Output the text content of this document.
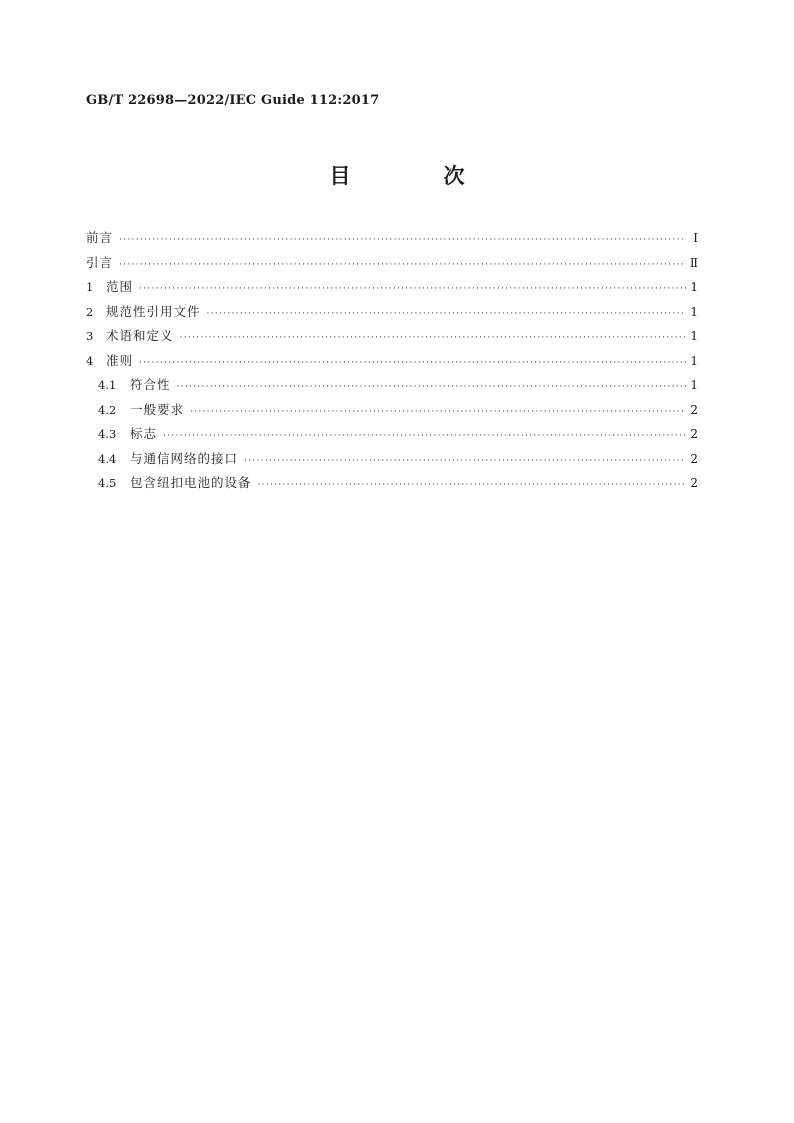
GB/T 22698—2022/IEC Guide 112:2017
目　次
前言 ·····	Ⅰ
引言 ·····	Ⅱ
1	范围 ·····	1
2	规范性引用文件 ·····	1
3	术语和定义 ·····	1
4	准则 ·····	1
4.1	符合性 ·····	1
4.2	一般要求 ·····	2
4.3	标志 ·····	2
4.4	与通信网络的接口 ·····	2
4.5	包含纽扣电池的设备 ·····	2
